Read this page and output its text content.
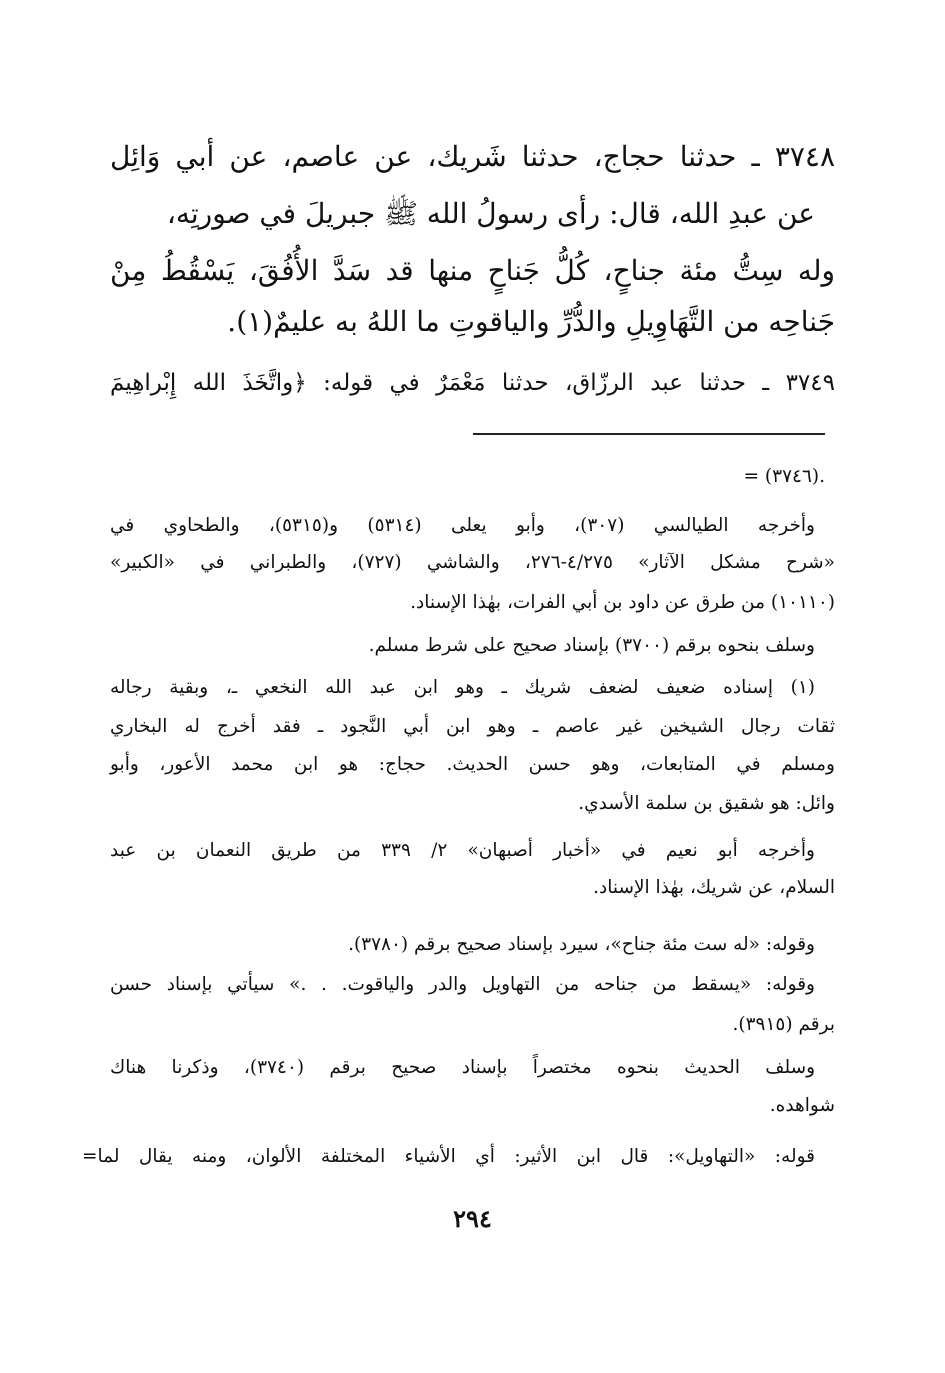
٣٧٤٨ ـ حدثنا حجاج، حدثنا شَريك، عن عاصم، عن أبي وَائِل
عن عبدِ الله، قال: رأى رسولُ الله ﷺ جبريلَ في صورتِه،
وله سِتُّ مئة جناحٍ، كُلُّ جَناحٍ منها قد سَدَّ الأُفُقَ، يَسْقُطُ مِنْ
جَناحِه من التَّهَاوِيلِ والدُّرِّ والياقوتِ ما اللهُ به عليمٌ(١).
٣٧٤٩ ـ حدثنا عبد الرزّاق، حدثنا مَعْمَرٌ في قوله: ﴿واتَّخَذَ الله إِبْراهِيمَ
= (٣٧٤٦).
وأخرجه الطيالسي (٣٠٧)، وأبو يعلى (٥٣١٤) و(٥٣١٥)، والطحاوي في
«شرح مشكل الآثار» ٤/٢٧٥-٢٧٦، والشاشي (٧٢٧)، والطبراني في «الكبير»
(١٠١١٠) من طرق عن داود بن أبي الفرات، بهٰذا الإسناد.
وسلف بنحوه برقم (٣٧٠٠) بإسناد صحيح على شرط مسلم.
(١) إسناده ضعيف لضعف شريك ـ وهو ابن عبد الله النخعي ـ، وبقية رجاله
ثقات رجال الشيخين غير عاصم ـ وهو ابن أبي النَّجود ـ فقد أخرج له البخاري
ومسلم في المتابعات، وهو حسن الحديث. حجاج: هو ابن محمد الأعور، وأبو
وائل: هو شقيق بن سلمة الأسدي.
وأخرجه أبو نعيم في «أخبار أصبهان» ٢/ ٣٣٩ من طريق النعمان بن عبد
السلام، عن شريك، بهٰذا الإسناد.
وقوله: «له ست مئة جناح»، سيرد بإسناد صحيح برقم (٣٧٨٠).
وقوله: «يسقط من جناحه من التهاويل والدر والياقوت. . .» سيأتي بإسناد حسن
برقم (٣٩١٥).
وسلف الحديث بنحوه مختصراً بإسناد صحيح برقم (٣٧٤٠)، وذكرنا هناك
شواهده.
قوله: «التهاويل»: قال ابن الأثير: أي الأشياء المختلفة الألوان، ومنه يقال لما=
٢٩٤
